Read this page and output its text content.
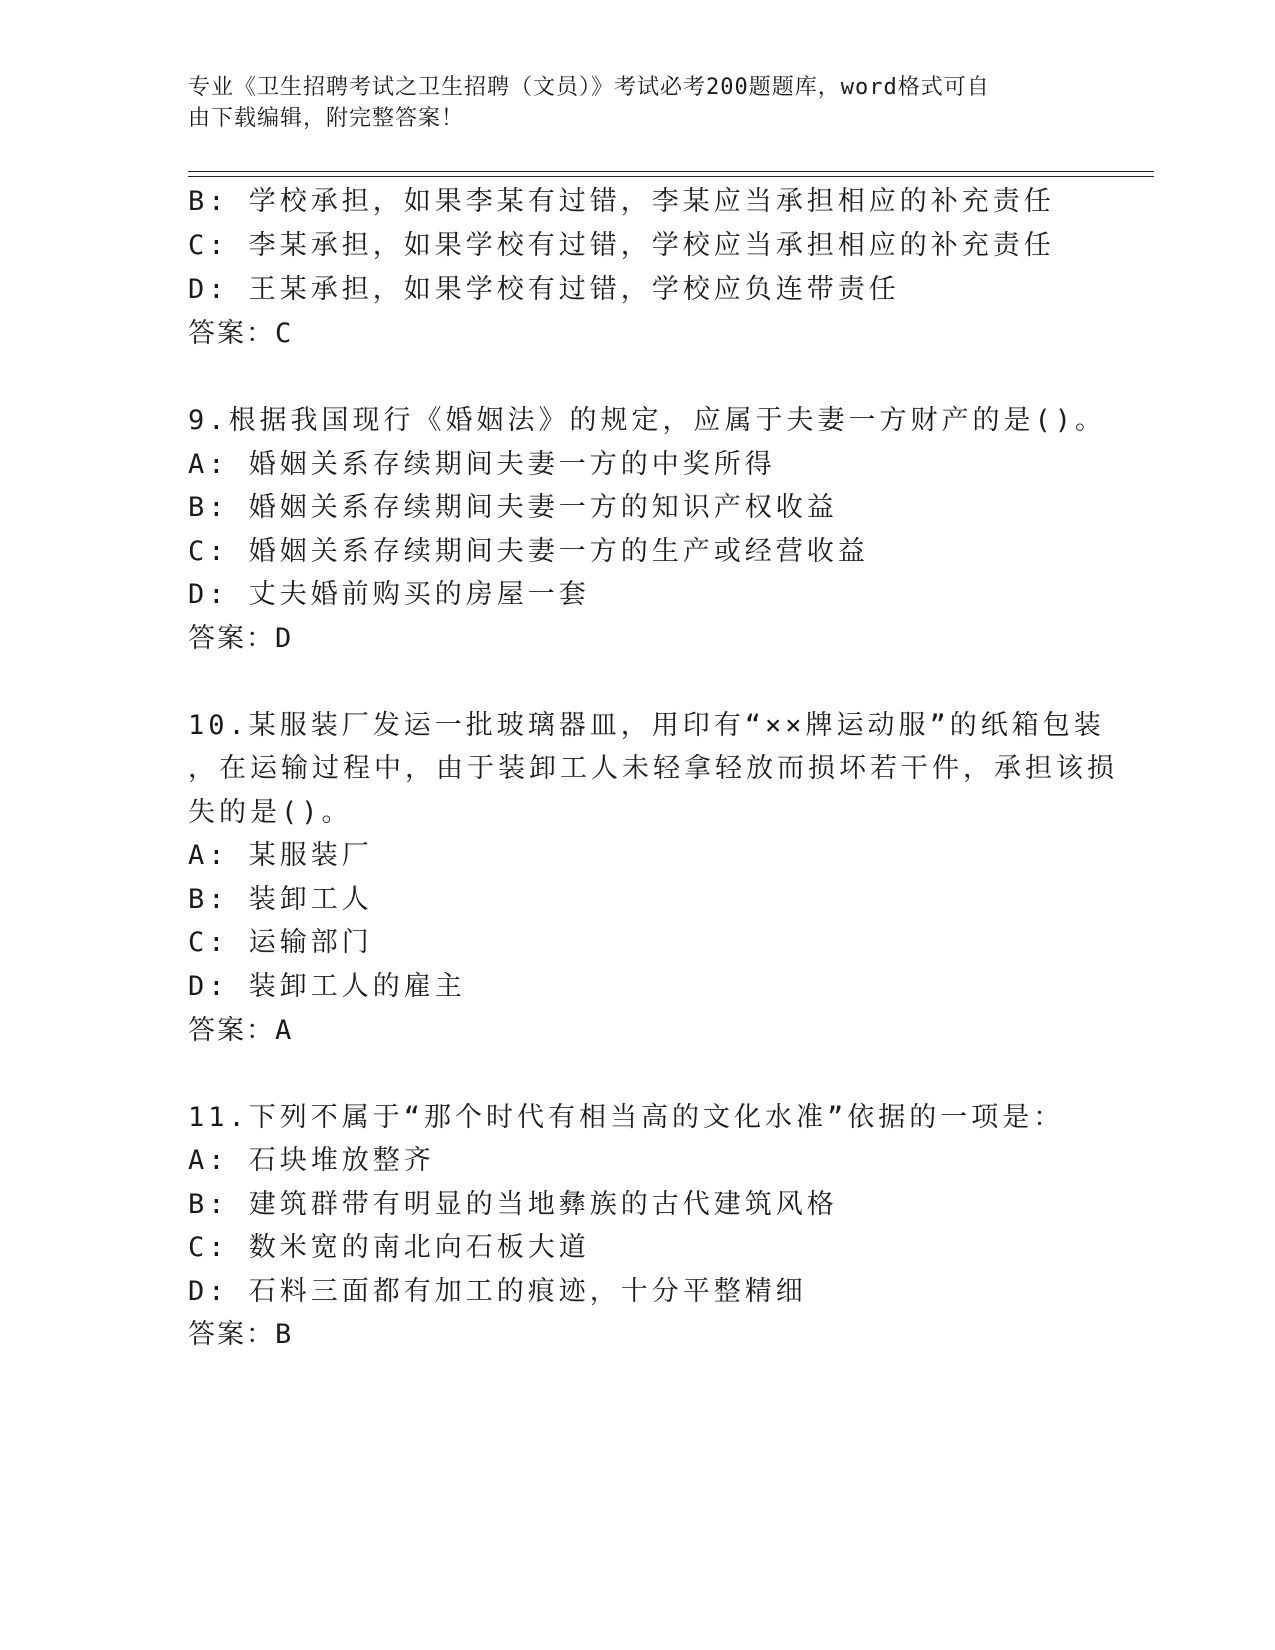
专业《卫生招聘考试之卫生招聘（文员）》考试必考200题题库，word格式可自
由下载编辑，附完整答案！
B: 学校承担，如果李某有过错，李某应当承担相应的补充责任
C: 李某承担，如果学校有过错，学校应当承担相应的补充责任
D: 王某承担，如果学校有过错，学校应负连带责任
答案：C
9.根据我国现行《婚姻法》的规定，应属于夫妻一方财产的是()。
A: 婚姻关系存续期间夫妻一方的中奖所得
B: 婚姻关系存续期间夫妻一方的知识产权收益
C: 婚姻关系存续期间夫妻一方的生产或经营收益
D: 丈夫婚前购买的房屋一套
答案：D
10.某服装厂发运一批玻璃器皿，用印有“××牌运动服”的纸箱包装
，在运输过程中，由于装卸工人未轻拿轻放而损坏若干件，承担该损
失的是()。
A: 某服装厂
B: 装卸工人
C: 运输部门
D: 装卸工人的雇主
答案：A
11.下列不属于“那个时代有相当高的文化水准”依据的一项是：
A: 石块堆放整齐
B: 建筑群带有明显的当地彝族的古代建筑风格
C: 数米宽的南北向石板大道
D: 石料三面都有加工的痕迹，十分平整精细
答案：B
